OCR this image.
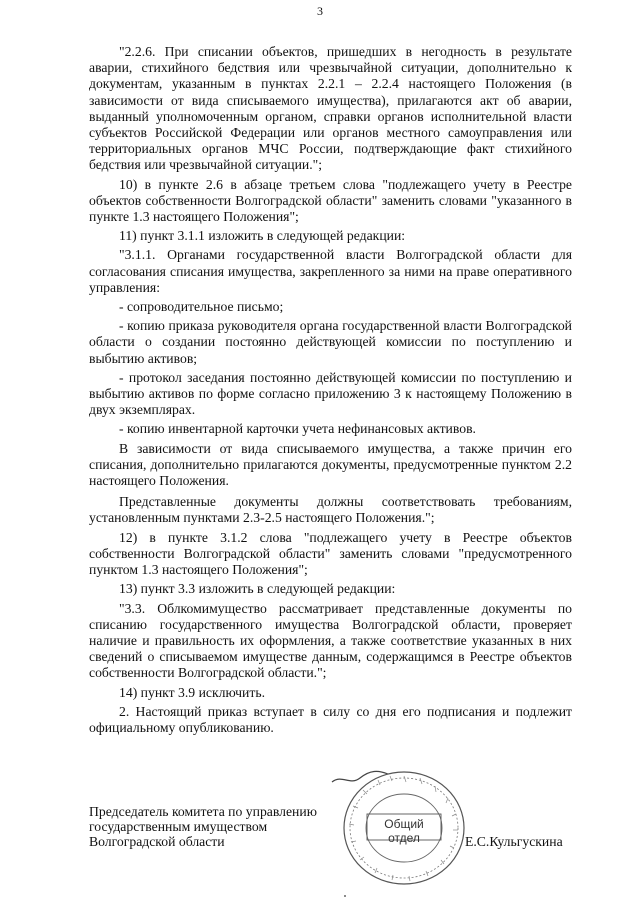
3

"2.2.6. При списании объектов, пришедших в негодность в результате аварии, стихийного бедствия или чрезвычайной ситуации, дополнительно к документам, указанным в пунктах 2.2.1 – 2.2.4 настоящего Положения (в зависимости от вида списываемого имущества), прилагаются акт об аварии, выданный уполномоченным органом, справки органов исполнительной власти субъектов Российской Федерации или органов местного самоуправления или территориальных органов МЧС России, подтверждающие факт стихийного бедствия или чрезвычайной ситуации.";

10) в пункте 2.6 в абзаце третьем слова "подлежащего учету в Реестре объектов собственности Волгоградской области" заменить словами "указанного в пункте 1.3 настоящего Положения";

11) пункт 3.1.1 изложить в следующей редакции:

"3.1.1. Органами государственной власти Волгоградской области для согласования списания имущества, закрепленного за ними на праве оперативного управления:

- сопроводительное письмо;

- копию приказа руководителя органа государственной власти Волгоградской области о создании постоянно действующей комиссии по поступлению и выбытию активов;

- протокол заседания постоянно действующей комиссии по поступлению и выбытию активов по форме согласно приложению 3 к настоящему Положению в двух экземплярах.

- копию инвентарной карточки учета нефинансовых активов.

В зависимости от вида списываемого имущества, а также причин его списания, дополнительно прилагаются документы, предусмотренные пунктом 2.2 настоящего Положения.

Представленные документы должны соответствовать требованиям, установленным пунктами 2.3-2.5 настоящего Положения.";

12) в пункте 3.1.2 слова "подлежащего учету в Реестре объектов собственности Волгоградской области" заменить словами "предусмотренного пунктом 1.3 настоящего Положения";

13) пункт 3.3 изложить в следующей редакции:

"3.3. Облкомимущество рассматривает представленные документы по списанию государственного имущества Волгоградской области, проверяет наличие и правильность их оформления, а также соответствие указанных в них сведений о списываемом имуществе данным, содержащимся в Реестре объектов собственности Волгоградской области.";

14) пункт 3.9 исключить.

2. Настоящий приказ вступает в силу со дня его подписания и подлежит официальному опубликованию.

Председатель комитета по управлению
государственным имуществом
Волгоградской области
Общий отдел	Е.С.Кульгускина
